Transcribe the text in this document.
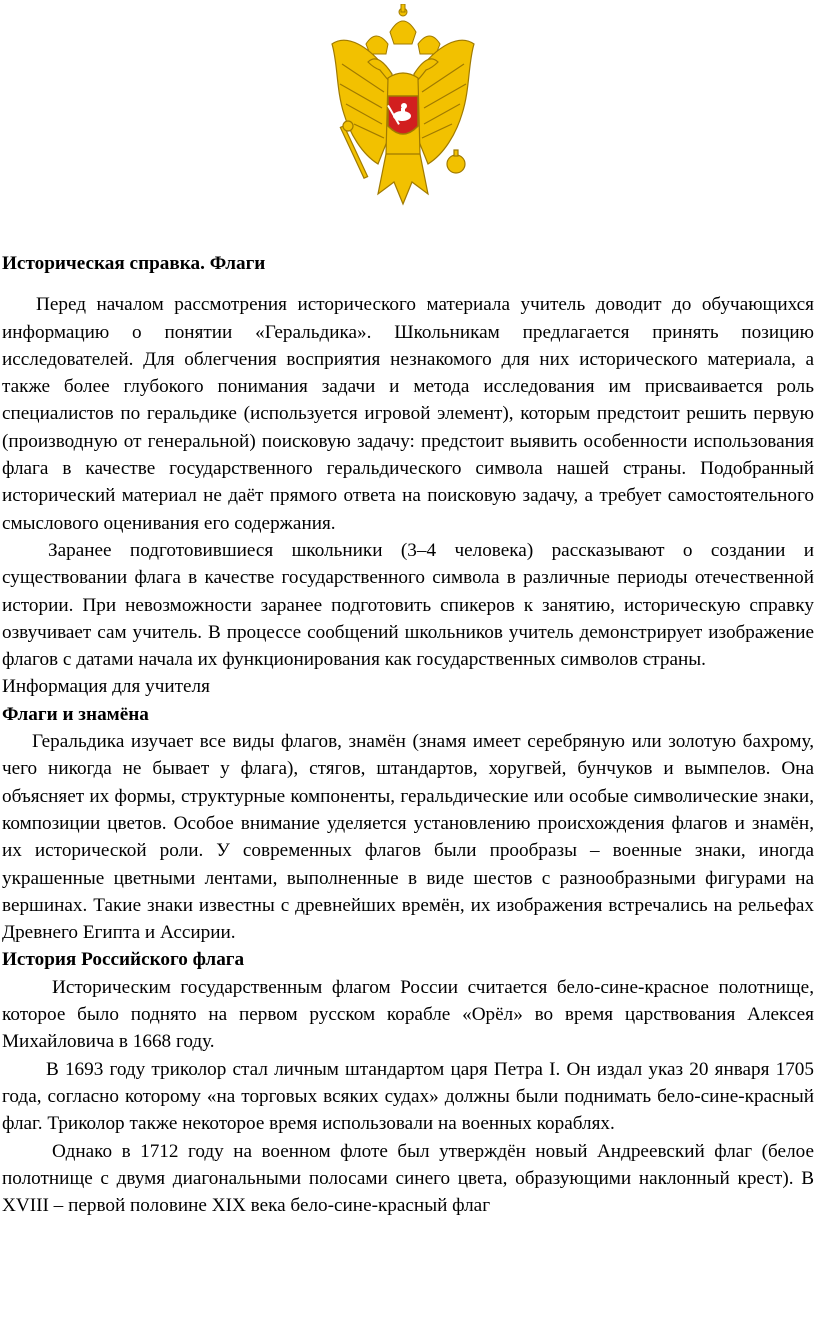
Историческая справка. Флаги

Перед началом рассмотрения исторического материала учитель доводит до обучающихся информацию о понятии «Геральдика». Школьникам предлагается принять позицию исследователей. Для облегчения восприятия незнакомого для них исторического материала, а также более глубокого понимания задачи и метода исследования им присваивается роль специалистов по геральдике (используется игровой элемент), которым предстоит решить первую (производную от генеральной) поисковую задачу: предстоит выявить особенности использования флага в качестве государственного геральдического символа нашей страны. Подобранный исторический материал не даёт прямого ответа на поисковую задачу, а требует самостоятельного смыслового оценивания его содержания.

Заранее подготовившиеся школьники (3–4 человека) рассказывают о создании и существовании флага в качестве государственного символа в различные периоды отечественной истории. При невозможности заранее подготовить спикеров к занятию, историческую справку озвучивает сам учитель. В процессе сообщений школьников учитель демонстрирует изображение флагов с датами начала их функционирования как государственных символов страны.

Информация для учителя

Флаги и знамёна

Геральдика изучает все виды флагов, знамён (знамя имеет серебряную или золотую бахрому, чего никогда не бывает у флага), стягов, штандартов, хоругвей, бунчуков и вымпелов. Она объясняет их формы, структурные компоненты, геральдические или особые символические знаки, композиции цветов. Особое внимание уделяется установлению происхождения флагов и знамён, их исторической роли. У современных флагов были прообразы – военные знаки, иногда украшенные цветными лентами, выполненные в виде шестов с разнообразными фигурами на вершинах. Такие знаки известны с древнейших времён, их изображения встречались на рельефах Древнего Египта и Ассирии.

История Российского флага

Историческим государственным флагом России считается бело-сине-красное полотнище, которое было поднято на первом русском корабле «Орёл» во время царствования Алексея Михайловича в 1668 году.

В 1693 году триколор стал личным штандартом царя Петра I. Он издал указ 20 января 1705 года, согласно которому «на торговых всяких судах» должны были поднимать бело-сине-красный флаг. Триколор также некоторое время использовали на военных кораблях.

Однако в 1712 году на военном флоте был утверждён новый Андреевский флаг (белое полотнище с двумя диагональными полосами синего цвета, образующими наклонный крест). В XVIII – первой половине XIX века бело-сине-красный флаг
